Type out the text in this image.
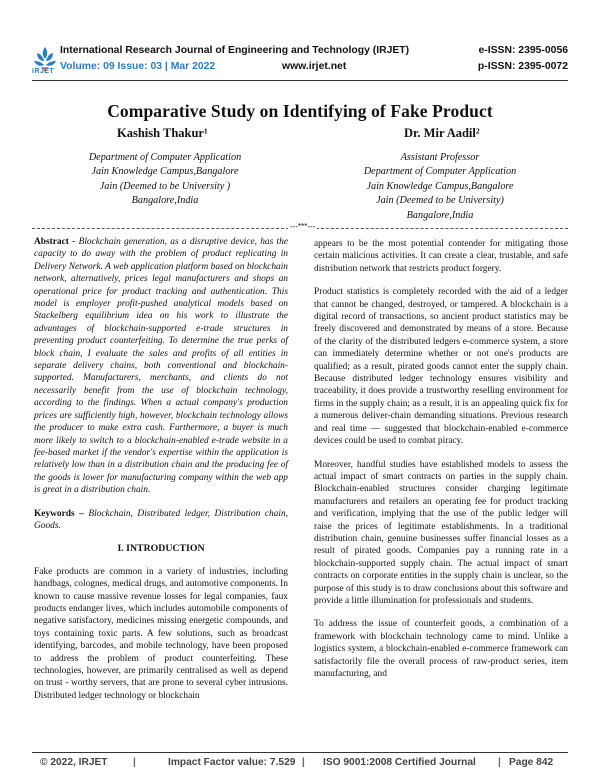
IRJET
International Research Journal of Engineering and Technology (IRJET)
Volume: 09 Issue: 03 | Mar 2022	www.irjet.net
e-ISSN: 2395-0056
p-ISSN: 2395-0072
Comparative Study on Identifying of Fake Product
Kashish Thakur¹	Dr. Mir Aadil²
Department of Computer Application
Jain Knowledge Campus,Bangalore
Jain (Deemed to be University )
Bangalore,India
Assistant Professor
Department of Computer Application
Jain Knowledge Campus,Bangalore
Jain (Deemed to be University)
Bangalore,India
---***---

Abstract - Blockchain generation, as a disruptive device, has the capacity to do away with the problem of product replicating in Delivery Network. A web application platform based on blockchain network, alternatively, prices legal manufacturers and shops an operational price for product tracking and authentication. This model is employer profit-pushed analytical models based on Stackelberg equilibrium idea on his work to illustrate the advantages of blockchain-supported e-trade structures in preventing product counterfeiting. To determine the true perks of block chain, I evaluate the sales and profits of all entities in separate delivery chains, both conventional and blockchain-supported. Manufacturers, merchants, and clients do not necessarily benefit from the use of blockchain technology, according to the findings. When a actual company's production prices are sufficiently high, however, blockchain technology allows the producer to make extra cash. Furthermore, a buyer is much more likely to switch to a blockchain-enabled e-trade website in a fee-based market if the vendor's expertise within the application is relatively low than in a distribution chain and the producing fee of the goods is lower for manufacturing company within the web app is great in a distribution chain.

Keywords – Blockchain, Distributed ledger, Distribution chain, Goods.

I. INTRODUCTION

Fake products are common in a variety of industries, including handbags, colognes, medical drugs, and automotive components. In known to cause massive revenue losses for legal companies, faux products endanger lives, which includes automobile components of negative satisfactory, medicines missing energetic compounds, and toys containing toxic parts. A few solutions, such as broadcast identifying, barcodes, and mobile technology, have been proposed to address the problem of product counterfeiting. These technologies, however, are primarily centralised as well as depend on trust - worthy servers, that are prone to several cyber intrusions. Distributed ledger technology or blockchain

appears to be the most potential contender for mitigating those certain malicious activities. It can create a clear, trustable, and safe distribution network that restricts product forgery.

Product statistics is completely recorded with the aid of a ledger that cannot be changed, destroyed, or tampered. A blockchain is a digital record of transactions, so ancient product statistics may be freely discovered and demonstrated by means of a store. Because of the clarity of the distributed ledgers e-commerce system, a store can immediately determine whether or not one's products are qualified; as a result, pirated goods cannot enter the supply chain. Because distributed ledger technology ensures visibility and traceability, it does provide a trustworthy reselling environment for firms in the supply chain; as a result, it is an appealing quick fix for a numerous deliver-chain demanding situations. Previous research and real time — suggested that blockchain-enabled e-commerce devices could be used to combat piracy.

Moreover, handful studies have established models to assess the actual impact of smart contracts on parties in the supply chain. Blockchain-enabled structures consider charging legitimate manufacturers and retailers an operating fee for product tracking and verification, implying that the use of the public ledger will raise the prices of legitimate establishments. In a traditional distribution chain, genuine businesses suffer financial losses as a result of pirated goods. Companies pay a running rate in a blockchain-supported supply chain. The actual impact of smart contracts on corporate entities in the supply chain is unclear, so the purpose of this study is to draw conclusions about this software and provide a little illumination for professionals and students.

To address the issue of counterfeit goods, a combination of a framework with blockchain technology came to mind. Unlike a logistics system, a blockchain-enabled e-commerce framework can satisfactorily file the overall process of raw-product series, item manufacturing, and

© 2022, IRJET |	Impact Factor value: 7.529 | ISO 9001:2008 Certified Journal | Page 842
